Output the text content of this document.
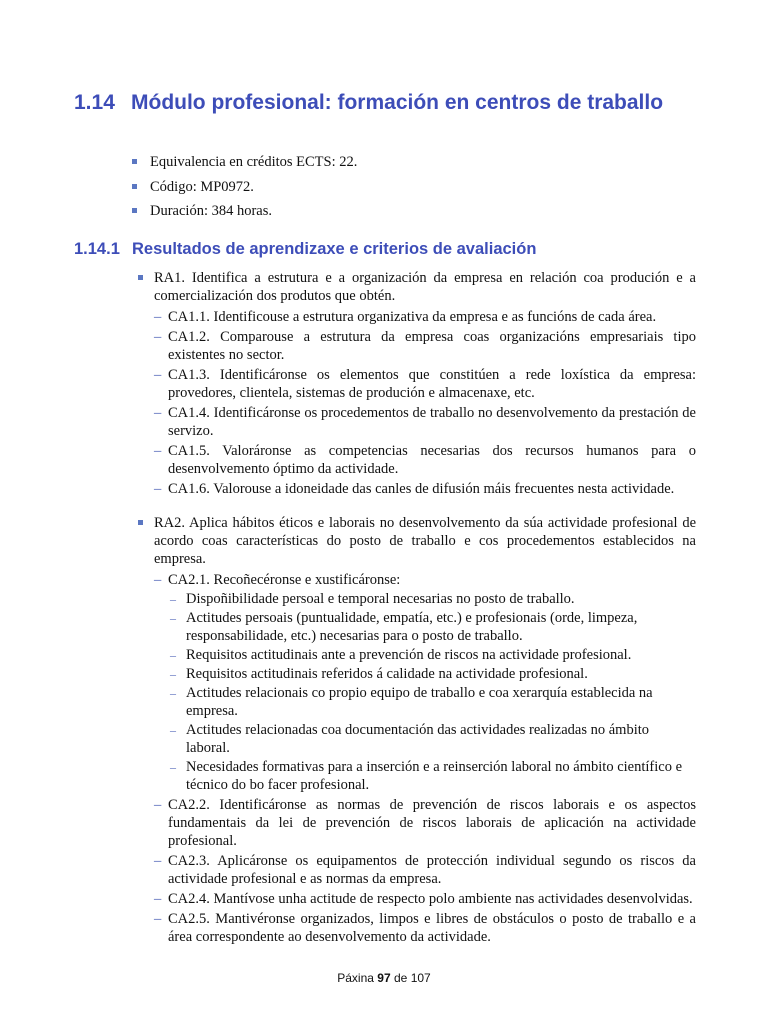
1.14 Módulo profesional: formación en centros de traballo
Equivalencia en créditos ECTS: 22.
Código: MP0972.
Duración: 384 horas.
1.14.1 Resultados de aprendizaxe e criterios de avaliación
RA1. Identifica a estrutura e a organización da empresa en relación coa produción e a comercialización dos produtos que obtén.
– CA1.1. Identificouse a estrutura organizativa da empresa e as funcións de cada área.
– CA1.2. Comparouse a estrutura da empresa coas organizacións empresariais tipo existentes no sector.
– CA1.3. Identificáronse os elementos que constitúen a rede loxística da empresa: provedores, clientela, sistemas de produción e almacenaxe, etc.
– CA1.4. Identificáronse os procedementos de traballo no desenvolvemento da prestación de servizo.
– CA1.5. Valoráronse as competencias necesarias dos recursos humanos para o desenvolvemento óptimo da actividade.
– CA1.6. Valorouse a idoneidade das canles de difusión máis frecuentes nesta actividade.
RA2. Aplica hábitos éticos e laborais no desenvolvemento da súa actividade profesional de acordo coas características do posto de traballo e cos procedementos establecidos na empresa.
– CA2.1. Recoñecéronse e xustificáronse:
– Dispoñibilidade persoal e temporal necesarias no posto de traballo.
– Actitudes persoais (puntualidade, empatía, etc.) e profesionais (orde, limpeza, responsabilidade, etc.) necesarias para o posto de traballo.
– Requisitos actitudinais ante a prevención de riscos na actividade profesional.
– Requisitos actitudinais referidos á calidade na actividade profesional.
– Actitudes relacionais co propio equipo de traballo e coa xerarquía establecida na empresa.
– Actitudes relacionadas coa documentación das actividades realizadas no ámbito laboral.
– Necesidades formativas para a inserción e a reinserción laboral no ámbito científico e técnico do bo facer profesional.
– CA2.2. Identificáronse as normas de prevención de riscos laborais e os aspectos fundamentais da lei de prevención de riscos laborais de aplicación na actividade profesional.
– CA2.3. Aplicáronse os equipamentos de protección individual segundo os riscos da actividade profesional e as normas da empresa.
– CA2.4. Mantívose unha actitude de respecto polo ambiente nas actividades desenvolvidas.
– CA2.5. Mantivéronse organizados, limpos e libres de obstáculos o posto de traballo e a área correspondente ao desenvolvemento da actividade.
Páxina 97 de 107
